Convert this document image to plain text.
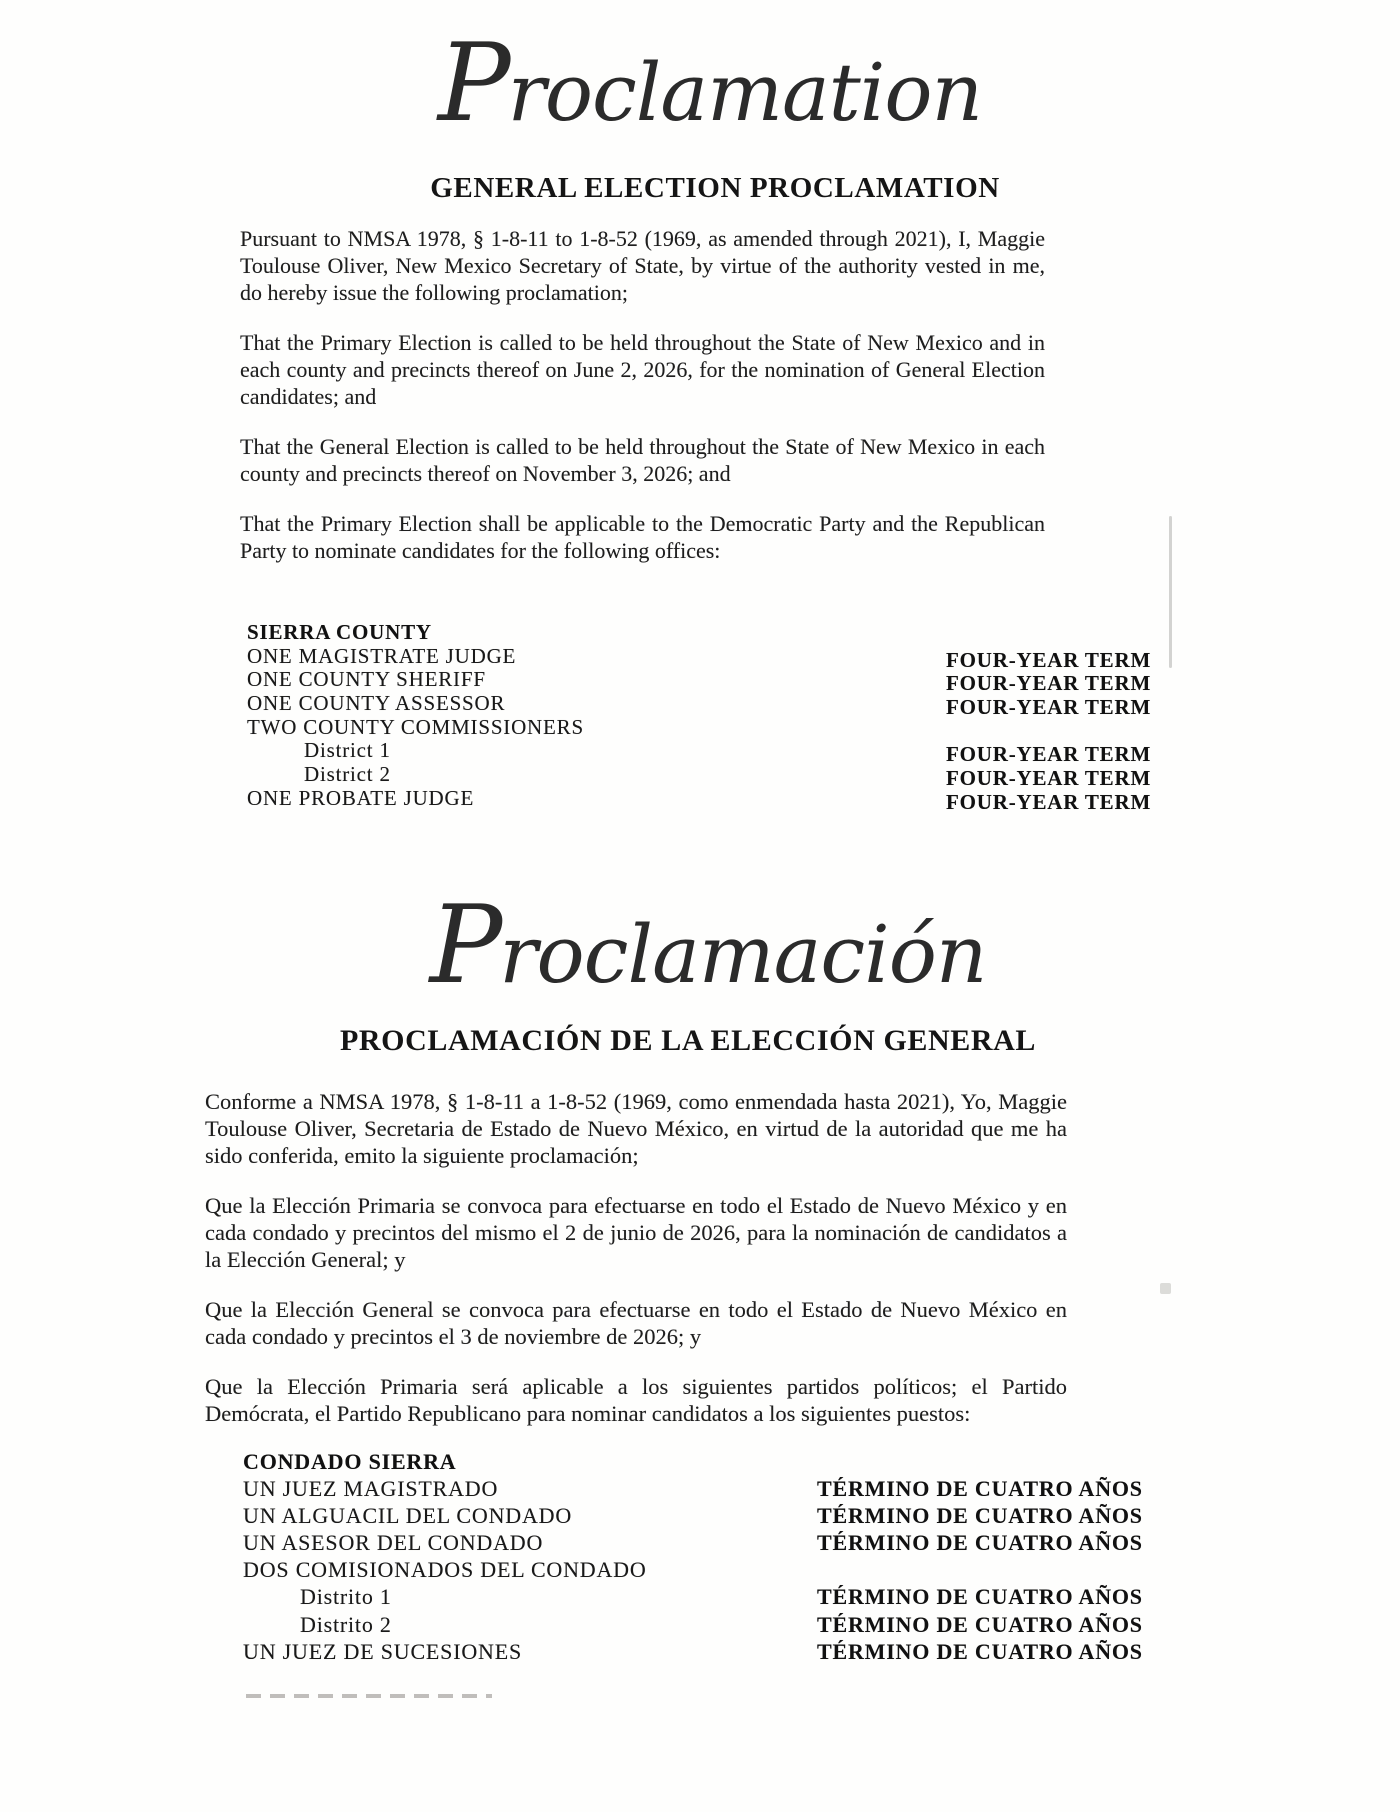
Proclamation
GENERAL ELECTION PROCLAMATION

Pursuant to NMSA 1978, § 1-8-11 to 1-8-52 (1969, as amended through 2021), I, Maggie Toulouse Oliver, New Mexico Secretary of State, by virtue of the authority vested in me, do hereby issue the following proclamation;

That the Primary Election is called to be held throughout the State of New Mexico and in each county and precincts thereof on June 2, 2026, for the nomination of General Election candidates; and

That the General Election is called to be held throughout the State of New Mexico in each county and precincts thereof on November 3, 2026; and

That the Primary Election shall be applicable to the Democratic Party and the Republican Party to nominate candidates for the following offices:

SIERRA COUNTY
ONE MAGISTRATE JUDGE	FOUR-YEAR TERM
ONE COUNTY SHERIFF	FOUR-YEAR TERM
ONE COUNTY ASSESSOR	FOUR-YEAR TERM
TWO COUNTY COMMISSIONERS
District 1	FOUR-YEAR TERM
District 2	FOUR-YEAR TERM
ONE PROBATE JUDGE	FOUR-YEAR TERM
Proclamación
PROCLAMACIÓN DE LA ELECCIÓN GENERAL

Conforme a NMSA 1978, § 1-8-11 a 1-8-52 (1969, como enmendada hasta 2021), Yo, Maggie Toulouse Oliver, Secretaria de Estado de Nuevo México, en virtud de la autoridad que me ha sido conferida, emito la siguiente proclamación;

Que la Elección Primaria se convoca para efectuarse en todo el Estado de Nuevo México y en cada condado y precintos del mismo el 2 de junio de 2026, para la nominación de candidatos a la Elección General; y

Que la Elección General se convoca para efectuarse en todo el Estado de Nuevo México en cada condado y precintos el 3 de noviembre de 2026; y

Que la Elección Primaria será aplicable a los siguientes partidos políticos; el Partido Demócrata, el Partido Republicano para nominar candidatos a los siguientes puestos:

CONDADO SIERRA
UN JUEZ MAGISTRADO	TÉRMINO DE CUATRO AÑOS
UN ALGUACIL DEL CONDADO	TÉRMINO DE CUATRO AÑOS
UN ASESOR DEL CONDADO	TÉRMINO DE CUATRO AÑOS
DOS COMISIONADOS DEL CONDADO
Distrito 1	TÉRMINO DE CUATRO AÑOS
Distrito 2	TÉRMINO DE CUATRO AÑOS
UN JUEZ DE SUCESIONES	TÉRMINO DE CUATRO AÑOS
